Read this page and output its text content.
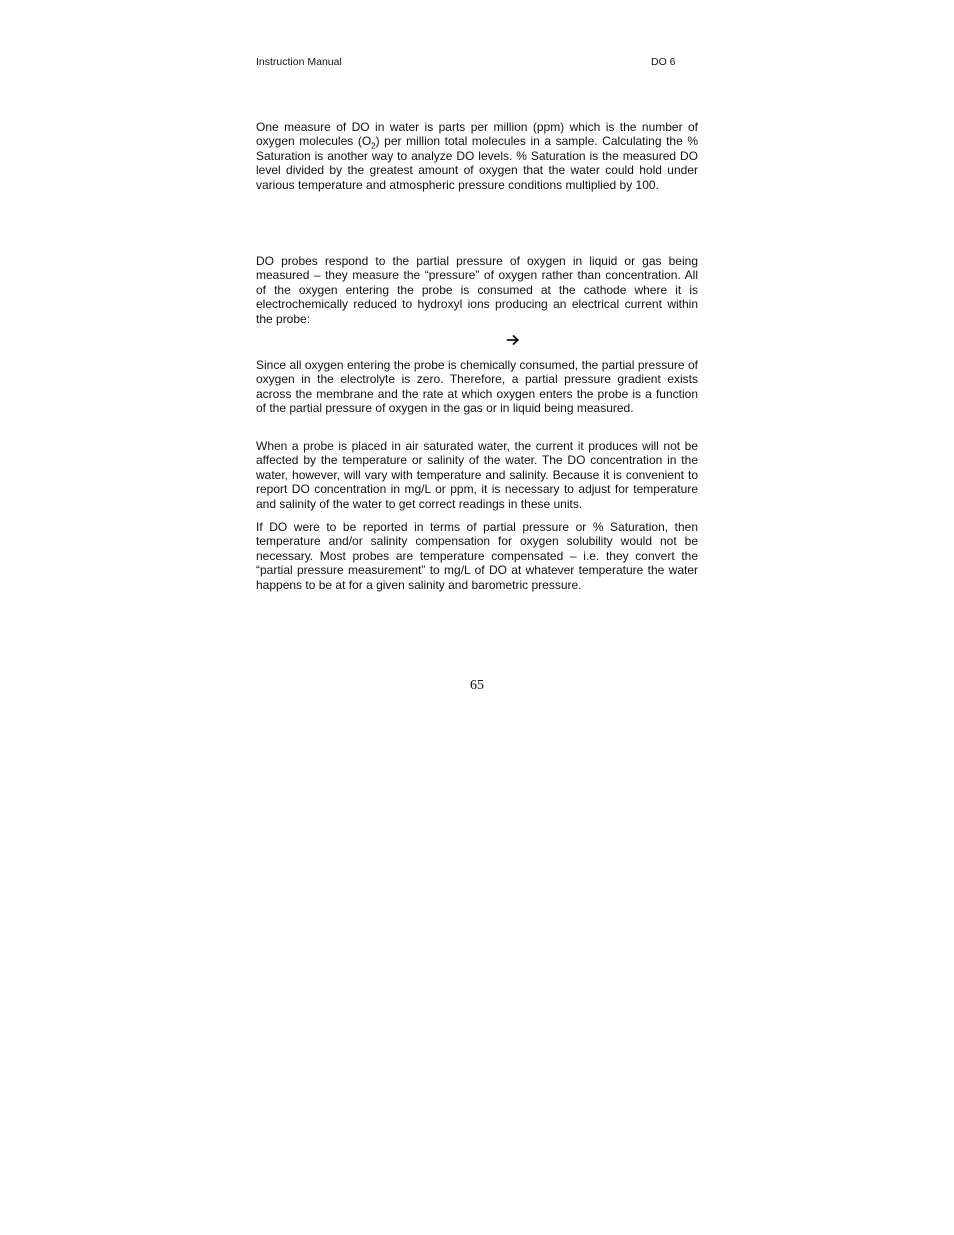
Instruction Manual	DO 6

One measure of DO in water is parts per million (ppm) which is the number of oxygen molecules $(O_2)$ per million total molecules in a sample. Calculating the % Saturation is another way to analyze DO levels. % Saturation is the measured DO level divided by the greatest amount of oxygen that the water could hold under various temperature and atmospheric pressure conditions multiplied by 100.

DO probes respond to the partial pressure of oxygen in liquid or gas being measured – they measure the “pressure” of oxygen rather than concentration. All of the oxygen entering the probe is consumed at the cathode where it is electrochemically reduced to hydroxyl ions producing an electrical current within the probe:

Since all oxygen entering the probe is chemically consumed, the partial pressure of oxygen in the electrolyte is zero. Therefore, a partial pressure gradient exists across the membrane and the rate at which oxygen enters the probe is a function of the partial pressure of oxygen in the gas or in liquid being measured.

When a probe is placed in air saturated water, the current it produces will not be affected by the temperature or salinity of the water. The DO concentration in the water, however, will vary with temperature and salinity. Because it is convenient to report DO concentration in mg/L or ppm, it is necessary to adjust for temperature and salinity of the water to get correct readings in these units.

If DO were to be reported in terms of partial pressure or % Saturation, then temperature and/or salinity compensation for oxygen solubility would not be necessary. Most probes are temperature compensated – i.e. they convert the “partial pressure measurement” to mg/L of DO at whatever temperature the water happens to be at for a given salinity and barometric pressure.

65
